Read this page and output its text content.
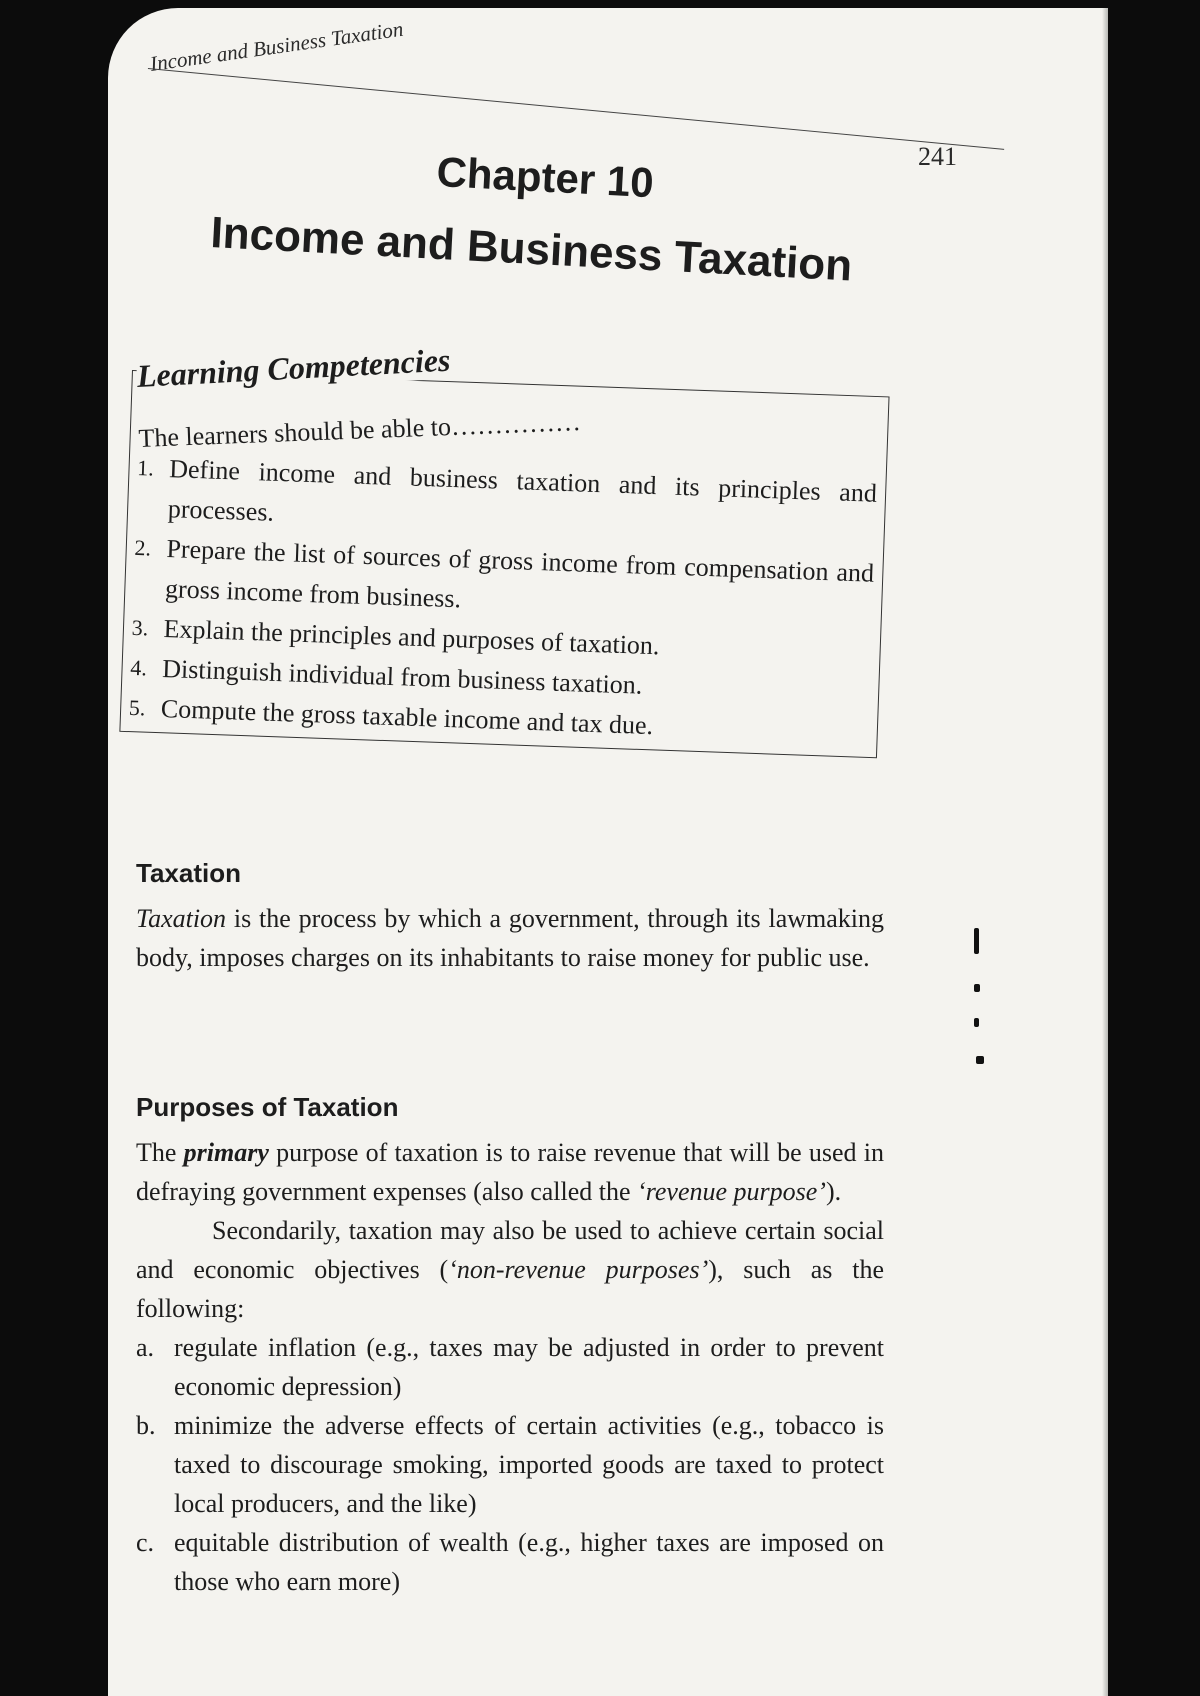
Income and Business Taxation
241
Chapter 10
Income and Business Taxation
Learning Competencies
The learners should be able to……………
1. Define income and business taxation and its principles and processes.
2. Prepare the list of sources of gross income from compensation and gross income from business.
3. Explain the principles and purposes of taxation.
4. Distinguish individual from business taxation.
5. Compute the gross taxable income and tax due.
Taxation

Taxation is the process by which a government, through its lawmaking body, imposes charges on its inhabitants to raise money for public use.

Purposes of Taxation

The primary purpose of taxation is to raise revenue that will be used in defraying government expenses (also called the ‘revenue purpose’).

Secondarily, taxation may also be used to achieve certain social and economic objectives (‘non-revenue purposes’), such as the following:

a. regulate inflation (e.g., taxes may be adjusted in order to prevent economic depression)
b. minimize the adverse effects of certain activities (e.g., tobacco is taxed to discourage smoking, imported goods are taxed to protect local producers, and the like)
c. equitable distribution of wealth (e.g., higher taxes are imposed on those who earn more)
